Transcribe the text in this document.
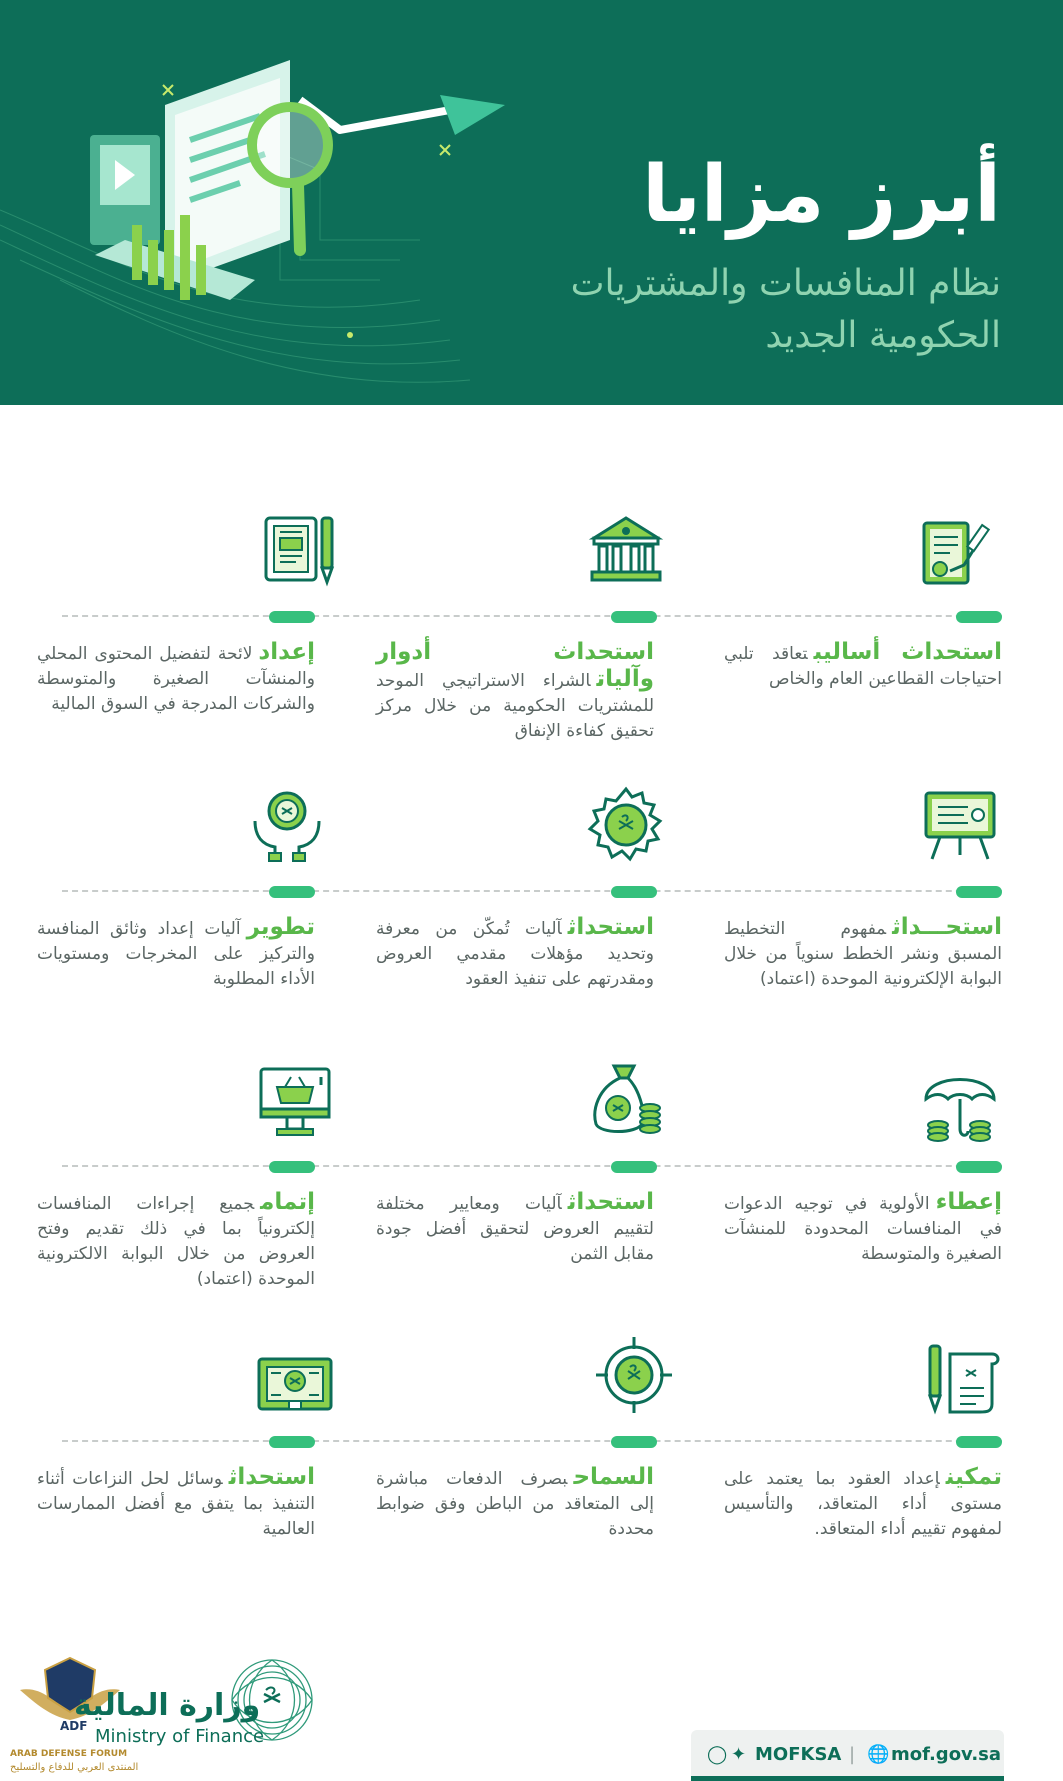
أبرز مزايا
نظام المنافسات والمشتريات
الحكومية الجديد
استحداث أساليبتعاقد تلبي احتياجات القطاعين العام والخاص
استحداث أدوار وآلياتالشراء الاستراتيجي الموحد للمشتريات الحكومية من خلال مركز تحقيق كفاءة الإنفاق
إعدادلائحة لتفضيل المحتوى المحلي والمنشآت الصغيرة والمتوسطة والشركات المدرجة في السوق المالية
استحـــداثمفهوم التخطيط المسبق ونشر الخطط سنوياً من خلال البوابة الإلكترونية الموحدة (اعتماد)
استحداثآليات تُمكّن من معرفة وتحديد مؤهلات مقدمي العروض ومقدرتهم على تنفيذ العقود
تطويرآليات إعداد وثائق المنافسة والتركيز على المخرجات ومستويات الأداء المطلوبة
إعطاءالأولوية في توجيه الدعوات في المنافسات المحدودة للمنشآت الصغيرة والمتوسطة
استحداثآليات ومعايير مختلفة لتقييم العروض لتحقيق أفضل جودة مقابل الثمن
إتمامجميع إجراءات المنافسات إلكترونياً بما في ذلك تقديم وفتح العروض من خلال البوابة الالكترونية الموحدة (اعتماد)
تمكينإعداد العقود بما يعتمد على مستوى أداء المتعاقد، والتأسيس لمفهوم تقييم أداء المتعاقد.
السماحبصرف الدفعات مباشرة إلى المتعاقد من الباطن وفق ضوابط محددة
استحداثوسائل لحل النزاعات أثناء التنفيذ بما يتفق مع أفضل الممارسات العالمية
ADF
وزارة المالية
Ministry of Finance
ARAB DEFENSE FORUM
المنتدى العربي للدفاع والتسليح
◯ ✦ MOFKSA | 🌐 mof.gov.sa
